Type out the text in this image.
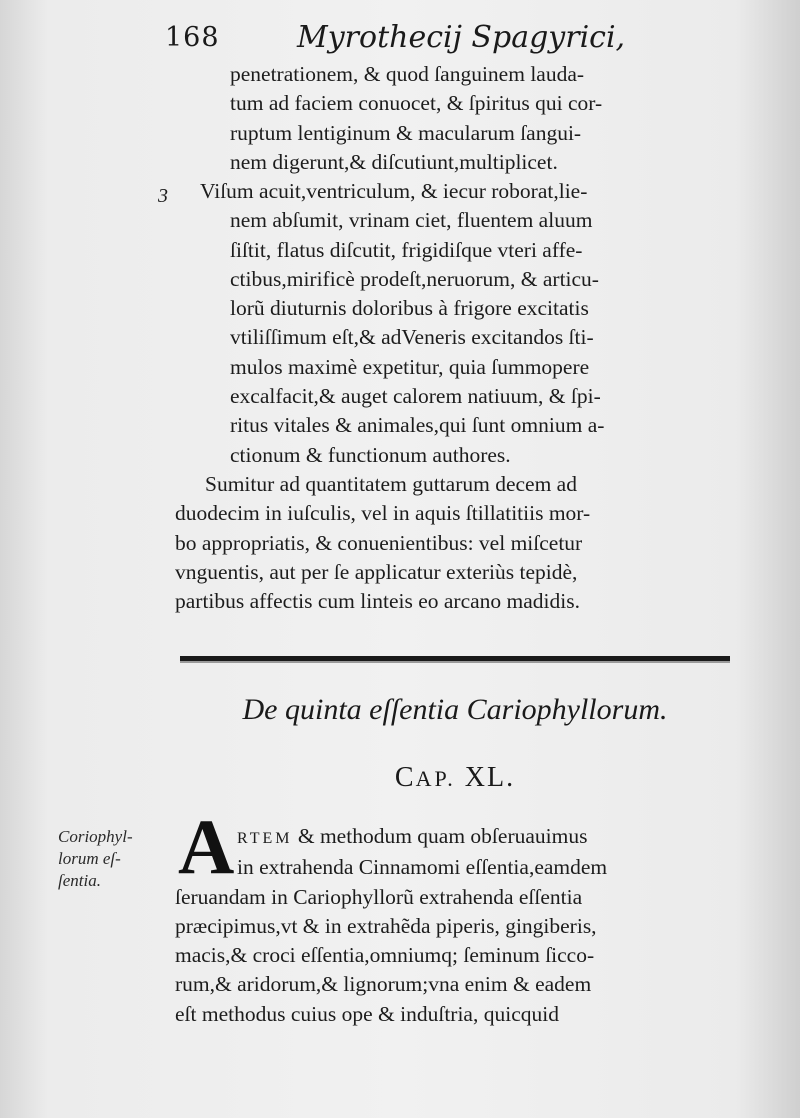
168	Myrothecij Spagyrici,
penetrationem, & quod ſanguinem lauda-
tum ad faciem conuocet, & ſpiritus qui cor-
ruptum lentiginum & macularum ſangui-
nem digerunt,& diſcutiunt,multiplicet.
3	Viſum acuit,ventriculum, & iecur roborat,lie-
nem abſumit, vrinam ciet, fluentem aluum
ſiſtit, flatus diſcutit, frigidiſque vteri affe-
ctibus,mirificè prodeſt,neruorum, & articu-
lorũ diuturnis doloribus à frigore excitatis
vtiliſſimum eſt,& adVeneris excitandos ſti-
mulos maximè expetitur, quia ſummopere
excalfacit,& auget calorem natiuum, & ſpi-
ritus vitales & animales,qui ſunt omnium a-
ctionum & functionum authores.
Sumitur ad quantitatem guttarum decem ad
duodecim in iuſculis, vel in aquis ſtillatitiis mor-
bo appropriatis, & conuenientibus: vel miſcetur
vnguentis, aut per ſe applicatur exteriùs tepidè,
partibus affectis cum linteis eo arcano madidis.
De quinta eſſentia Cariophyllorum.
CAP. XL.
Coriophyl-
lorum eſ-
ſentia. A RTEM & methodum quam obſeruauimus
in extrahenda Cinnamomi eſſentia,eamdem
ſeruandam in Cariophyllorũ extrahenda eſſentia
præcipimus,vt & in extrahẽda piperis, gingiberis,
macis,& croci eſſentia,omniumq; ſeminum ſicco-
rum,& aridorum,& lignorum;vna enim & eadem
eſt methodus cuius ope & induſtria, quicquid
